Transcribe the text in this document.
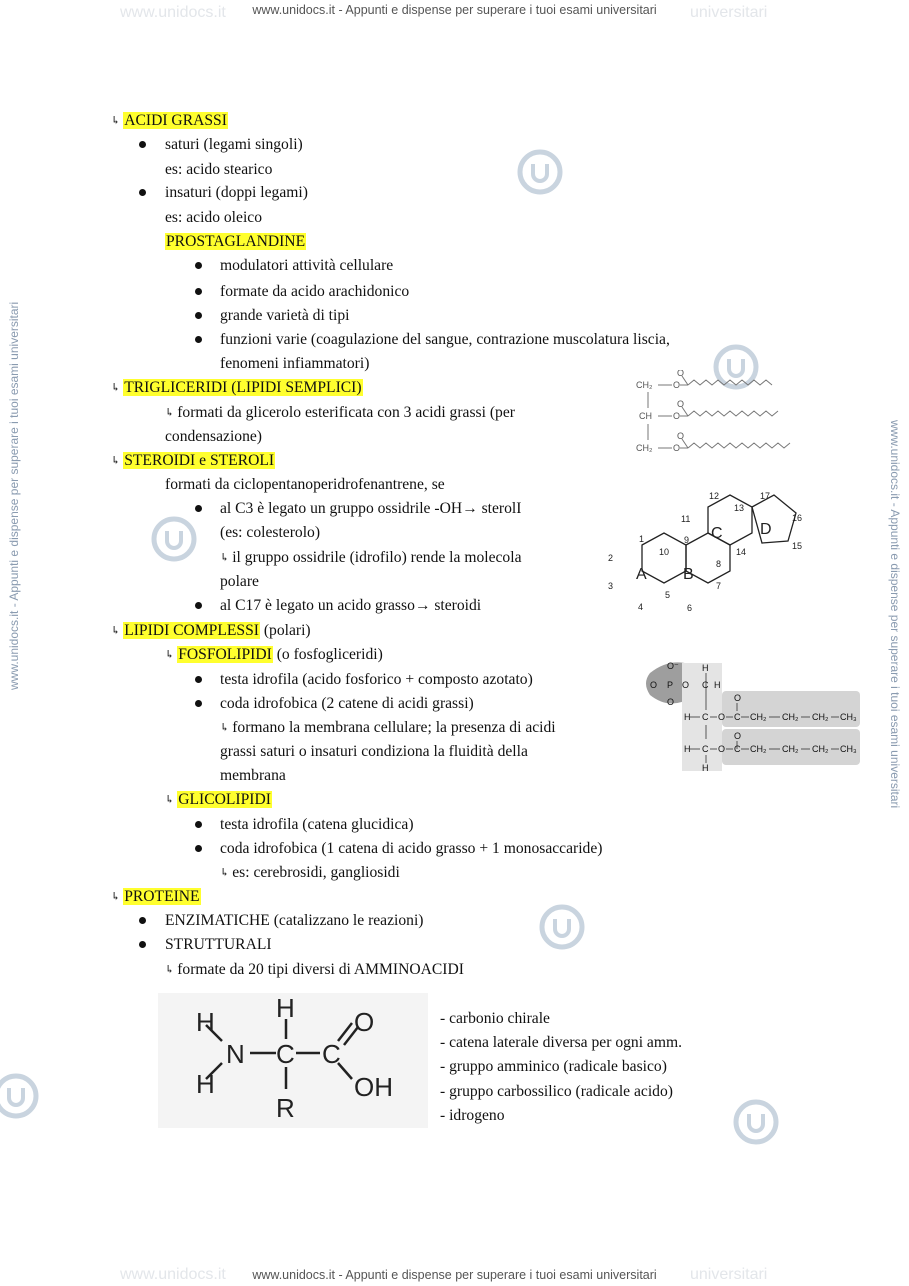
www.unidocs.it	universitari
www.unidocs.it - Appunti e dispense per superare i tuoi esami universitari
www.unidocs.it	universitari
www.unidocs.it - Appunti e dispense per superare i tuoi esami universitari
www.unidocs.it - Appunti e dispense per superare i tuoi esami universitari	www.unidocs.it - Appunti e dispense per superare i tuoi esami universitari
↳ ACIDI GRASSI
saturi (legami singoli)
es: acido stearico
insaturi (doppi legami)
es: acido oleico
PROSTAGLANDINE
modulatori attività cellulare
formate da acido arachidonico
grande varietà di tipi
funzioni varie (coagulazione del sangue, contrazione muscolatura liscia,
fenomeni infiammatori)
↳ TRIGLICERIDI (LIPIDI SEMPLICI)
↳ formati da glicerolo esterificata con 3 acidi grassi (per
condensazione)
CH₂ O
CH O
CH₂ O
O
O
O
↳ STEROIDI e STEROLI
formati da ciclopentanoperidrofenantrene, se
al C3 è legato un gruppo ossidrile -OH→ sterolI
(es: colesterolo)
↳ il gruppo ossidrile (idrofilo) rende la molecola
polare
al C17 è legato un acido grasso→ steroidi
A B
C D
1
2
3
4
5
6
7
8
9
10
11
12
13
14
15
16
17
↳ LIPIDI COMPLESSI (polari)
↳ FOSFOLIPIDI (o fosfogliceridi)
testa idrofila (acido fosforico + composto azotato)
coda idrofobica (2 catene di acidi grassi)
↳ formano la membrana cellulare; la presenza di acidi
grassi saturi o insaturi condiziona la fluidità della
membrana
O⁻
O P O
O
H
C H
O
H C O C CH₂ CH₂ CH₂ CH₃
O
H C O C CH₂ CH₂ CH₂ CH₃
H
↳ GLICOLIPIDI
testa idrofila (catena glucidica)
coda idrofobica (1 catena di acido grasso + 1 monosaccaride)
↳ es: cerebrosidi, gangliosidi
↳ PROTEINE
ENZIMATICHE (catalizzano le reazioni)
STRUTTURALI
↳ formate da 20 tipi diversi di AMMINOACIDI
H
N C C
O
OH
H
H
R
- carbonio chirale
- catena laterale diversa per ogni amm.
- gruppo amminico (radicale basico)
- gruppo carbossilico (radicale acido)
- idrogeno
